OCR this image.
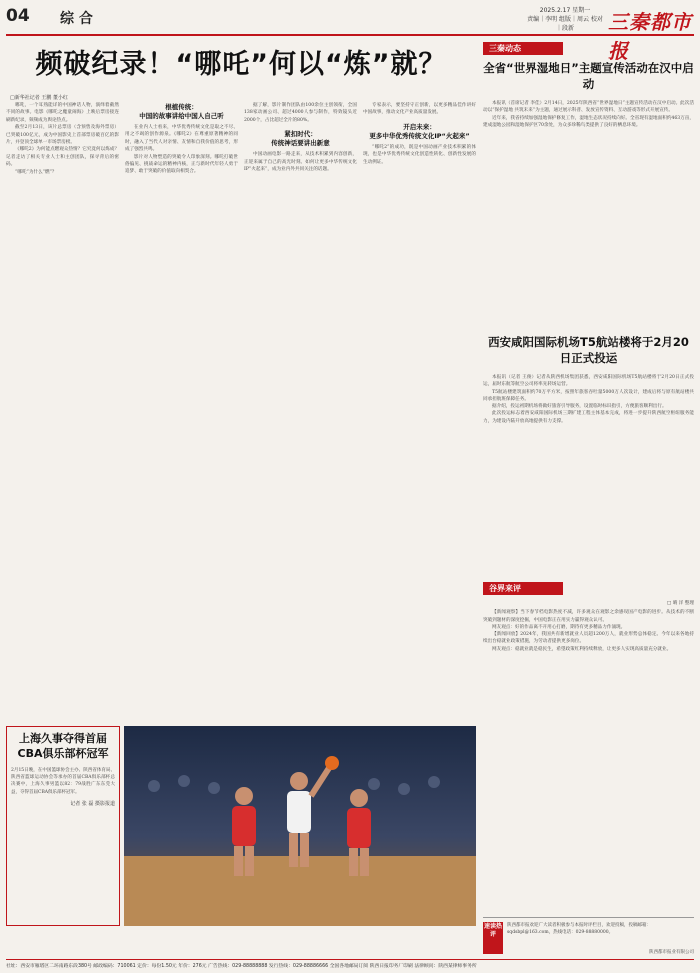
04 综 合
2025.2.17 星期一
责编｜李明 组版｜周云 校对｜段新	三秦都市报
频破纪录！“哪吒”何以“炼”就？
□新华社记者 王鹏 董小红

哪吒，一个耳熟能详的中国神话人物，演绎着截然不同的故事。电影《哪吒之魔童闹海》上映后票房接连刷新纪录，频频成为舆论热点。

截至2月13日，该片总票房（含预售及海外票房）已突破100亿元，成为中国影史上首部票房破百亿的影片，并登顶全球单一市场票房榜。

《哪吒2》为何能点燃观众热情？它究竟何以炼成？记者走访了相关专业人士和主创团队，探寻背后的密码。

“哪吒”为什么“燃”？

根植传统：
中国的故事讲给中国人自己听

在业内人士看来，中华优秀传统文化是取之不尽、用之不竭的创作源泉。《哪吒2》在尊重原著精神的同时，融入了当代人对亲情、友情和自我价值的思考，形成了强烈共鸣。

影片对人物塑造的突破令人印象深刻。哪吒打破世俗偏见、挑战命运的精神内核，正与新时代年轻人勇于追梦、敢于突破的价值取向相契合。

据了解，影片制作团队由100余位主创领衔，全国138家动画公司、超过4000人参与制作，特效镜头近2000个，占比超过全片的80%。

紧扣时代：
传统神话要讲出新意

中国动画电影一路走来，从技术积累到内容创新，正迎来属于自己的高光时刻。如何让更多中华传统文化IP“火起来”，成为业内外共同关注的话题。

专家表示，要坚持守正创新，以更多精品佳作讲好中国故事，推动文化产业高质量发展。

开启未来：
更多中华优秀传统文化IP“火起来”

“哪吒2”的成功，既是中国动画产业技术积累的体现，也是中华优秀传统文化创造性转化、创新性发展的生动例证。

上海久事夺得首届CBA俱乐部杯冠军
2月15日晚，在中国篮球协会主办、陕西省体育局、陕西省篮球运动协会等承办的首届CBA俱乐部杯总决赛中，上海久事男篮以82：79战胜广东东莞大益，夺得首届CBA俱乐部杯冠军。
记者 张 磊 摄影报道
三秦动态
全省“世界湿地日”主题宣传活动在汉中启动

本报讯（首席记者 李佳）2月14日，2025年陕西省“世界湿地日”主题宣传活动在汉中启动。此次活动以“保护湿地 共筑未来”为主题，通过展示科普、发放宣传资料、互动游戏等形式开展宣传。

近年来，我省持续加强湿地保护修复工作，湿地生态状况持续向好。全省现有湿地面积约463万亩，建成湿地公园和湿地保护区70余处，为众多珍稀鸟类提供了良好的栖息环境。

西安咸阳国际机场T5航站楼将于2月20日正式投运

本报讯（记者 王俊）记者从陕西机场集团获悉，西安咸阳国际机场T5航站楼将于2月20日正式投运，届时东航等航空公司将率先转场运营。

T5航站楼建筑面积约70万平方米，按照年旅客吞吐量5000万人次设计，建成后将与原有航站楼共同承担航班保障任务。

据介绍，投运初期机场将做好旅客引导服务，设置临时标识指引，方便旅客顺利出行。

此次投运标志着西安咸阳国际机场三期扩建工程主体基本完成，将进一步提升陕西航空枢纽服务能力，为建设内陆开放高地提供有力支撑。

谷界来评
□ 晴 洋 整理

【新闻观察】当下春节档电影热度不减，许多观众在观影之余感叹国产电影的进步。从技术的不断突破到题材的深度挖掘，中国电影正在用实力赢得观众认可。

网友观点：好的作品离不开用心打磨，期待有更多精品力作涌现。

【新闻回放】2024年，我国共有新增就业人员超1200万人，就业形势总体稳定。今年以来各地持续出台稳就业政策措施，为劳动者提供更多岗位。

网友观点：稳就业就是稳民生，希望政策红利持续释放，让更多人实现高质量充分就业。

速读热评
陕西都市报欢迎广大读者积极参与本报时评栏目，欢迎投稿，投稿邮箱：sqdsbpl@163.com，热线电话：029-88880000。
陕西都市报业有限公司
社址：西安市雁塔区二环南路东段380号 邮政编码：710061 定价：每份1.50元 年价：276元 广告热线：029-88888888 发行热线：029-88886666 全国各地邮局订阅 陕西日报印务厂印刷 法律顾问：陕西某律师事务所
